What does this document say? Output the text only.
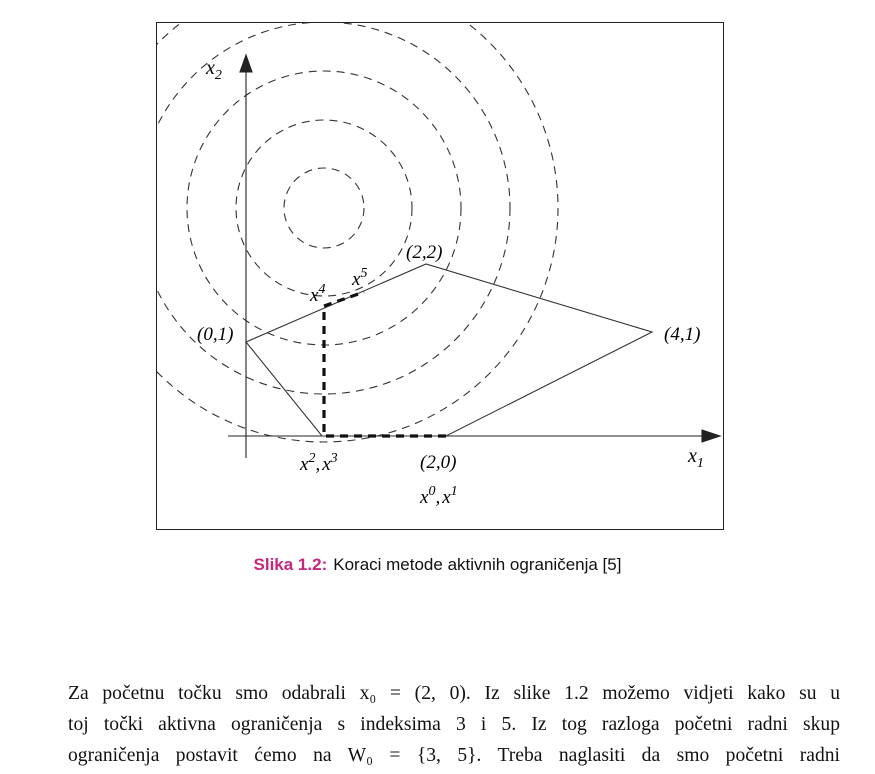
$x_2$
$x_1$
(0,1)
(2,2)
(4,1)
(2,0)
$x^4$ $x^5$
$x^2$, $x^3$
$x^0$, $x^1$
Slika 1.2: Koraci metode aktivnih ograničenja [5]

Za početnu točku smo odabrali x₀ = (2, 0). Iz slike 1.2 možemo vidjeti kako su u
toj točki aktivna ograničenja s indeksima 3 i 5. Iz tog razloga početni radni skup
ograničenja postavit ćemo na W₀ = {3, 5}. Treba naglasiti da smo početni radni
